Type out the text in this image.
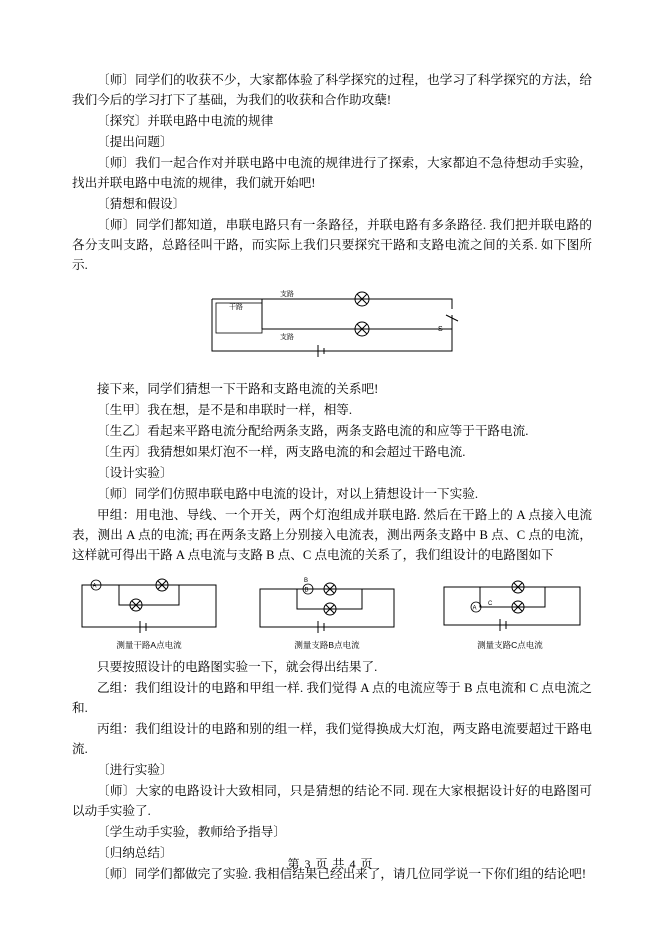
〔师〕同学们的收获不少，大家都体验了科学探究的过程，也学习了科学探究的方法，给我们今后的学习打下了基础，为我们的收获和合作助攻蘖!

〔探究〕并联电路中电流的规律

〔提出问题〕

〔师〕我们一起合作对并联电路中电流的规律进行了探索，大家都迫不急待想动手实验，找出并联电路中电流的规律，我们就开始吧!

〔猜想和假设〕

〔师〕同学们都知道，串联电路只有一条路径，并联电路有多条路径. 我们把并联电路的各分支叫支路，总路径叫干路，而实际上我们只要探究干路和支路电流之间的关系. 如下图所示.

干路
支路
支路
S

接下来，同学们猜想一下干路和支路电流的关系吧!

〔生甲〕我在想，是不是和串联时一样，相等.

〔生乙〕看起来平路电流分配给两条支路，两条支路电流的和应等于干路电流.

〔生丙〕我猜想如果灯泡不一样，两支路电流的和会超过干路电流.

〔设计实验〕

〔师〕同学们仿照串联电路中电流的设计，对以上猜想设计一下实验.

甲组：用电池、导线、一个开关，两个灯泡组成并联电路. 然后在干路上的 A 点接入电流表，测出 A 点的电流; 再在两条支路上分别接入电流表，测出两条支路中 B 点、C 点的电流，这样就可得出干路 A 点电流与支路 B 点、C 点电流的关系了，我们组设计的电路图如下

A
测量干路A点电流
B
B
测量支路B点电流
A
C
测量支路C点电流

只要按照设计的电路图实验一下，就会得出结果了.

乙组：我们组设计的电路和甲组一样. 我们觉得 A 点的电流应等于 B 点电流和 C 点电流之和.

丙组：我们组设计的电路和别的组一样，我们觉得换成大灯泡，两支路电流要超过干路电流.

〔进行实验〕

〔师〕大家的电路设计大致相同，只是猜想的结论不同. 现在大家根据设计好的电路图可以动手实验了.

〔学生动手实验，教师给予指导〕

〔归纳总结〕

〔师〕同学们都做完了实验. 我相信结果已经出来了，请几位同学说一下你们组的结论吧!

第 3 页 共 4 页
